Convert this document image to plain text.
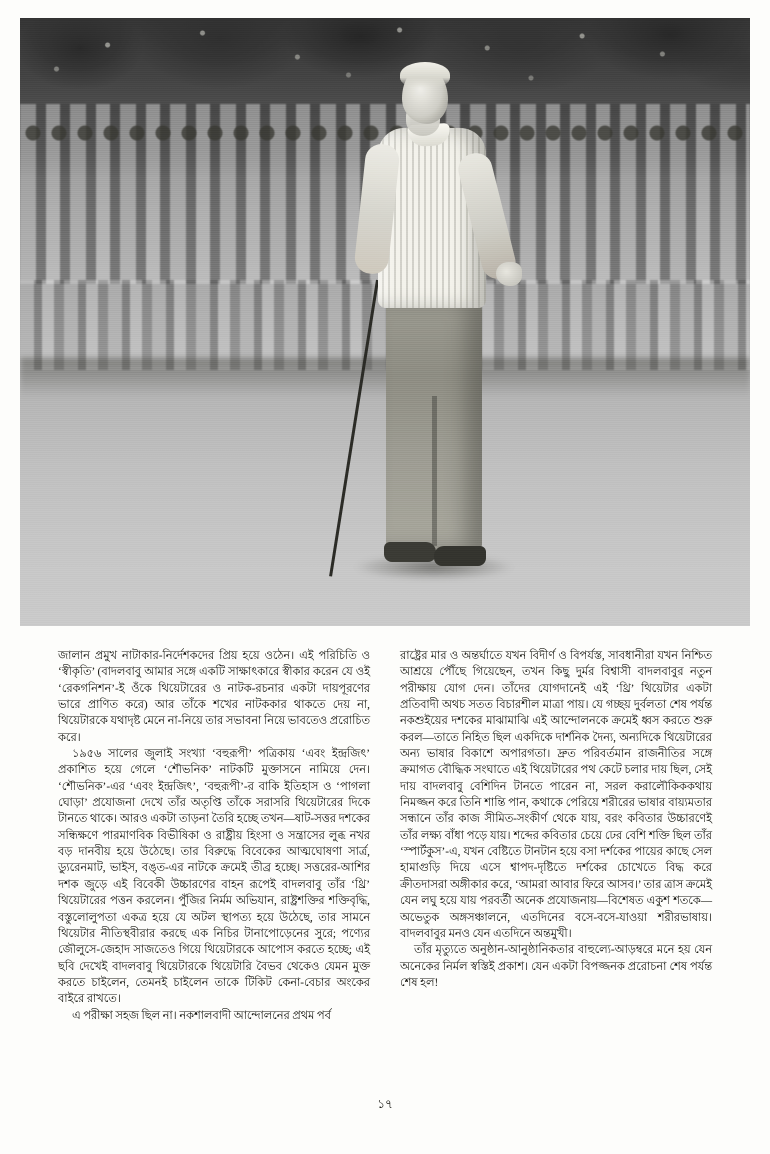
জালান প্রমুখ নাটাকার-নির্দেশকদের প্রিয় হয়ে ওঠেন। এই পরিচিতি ও ‘স্বীকৃতি’ (বাদলবাবু আমার সঙ্গে একটি সাক্ষাৎকারে স্বীকার করেন যে ওই ‘রেকগনিশন’-ই ওঁকে থিয়েটারের ও নাটক-রচনার একটা দায়পূরণের ভারে প্রাণিত করে) আর তাঁকে শখের নাটককার থাকতে দেয় না, থিয়েটারকে যথাদৃষ্ট মেনে না-নিয়ে তার সভাবনা নিয়ে ভাবতেও প্ররোচিত করে।

১৯৫৬ সালের জুলাই সংখ্যা ‘বহুরূপী’ পত্রিকায় ‘এবং ইন্দ্রজিৎ’ প্রকাশিত হয়ে গেলে ‘শৌভনিক’ নাটকটি মুক্তাসনে নামিয়ে দেন। ‘শৌভনিক’-এর ‘এবং ইন্দ্রজিৎ’, ‘বহুরূপী’-র বাকি ইতিহাস ও ‘পাগলা ঘোড়া’ প্রযোজনা দেখে তাঁর অতৃপ্তি তাঁকে সরাসরি থিয়েটারের দিকে টানতে থাকে। আরও একটা তাড়না তৈরি হচ্ছে তখন—ষাট-সত্তর দশকের সন্ধিক্ষণে পারমাণবিক বিভীষিকা ও রাষ্ট্রীয় হিংসা ও সন্ত্রাসের লুব্ধ নখর বড় দানবীয় হয়ে উঠেছে। তার বিরুদ্ধে বিবেকের আত্মঘোষণা সার্ত্র, ড্যুরেনমাট, ভাইস, বঙ্ত-এর নাটকে ক্রমেই তীব্র হচ্ছে। সত্তরের-আশির দশক জুড়ে এই বিবেকী উচ্চারণের বাহন রূপেই বাদলবাবু তাঁর ‘থ্রি’ থিয়েটারের পত্তন করলেন। পুঁজির নির্মম অভিযান, রাষ্ট্রশক্তির শক্তিবৃদ্ধি, বস্তুলোলুপতা একত্র হয়ে যে অটল স্থাপত্য হয়ে উঠেছে, তার সামনে থিয়েটার নীতিস্থবীরার করছে এক নিচির টানাপোড়েনের সুরে; পণ্যের জৌলুসে-জেহাদ সাজতেও গিয়ে থিয়েটারকে আপোস করতে হচ্ছে; এই ছবি দেখেই বাদলবাবু থিয়েটারকে থিয়েটারি বৈভব থেকেও যেমন মুক্ত করতে চাইলেন, তেমনই চাইলেন তাকে টিকিট কেনা-বেচার অংকের বাইরে রাখতে।

এ পরীক্ষা সহজ ছিল না। নকশালবাদী আন্দোলনের প্রথম পর্ব

রাষ্ট্রের মার ও অন্তর্ঘাতে যখন বিদীর্ণ ও বিপর্যস্ত, সাবধানীরা যখন নিশ্চিত আশ্রয়ে পৌঁছে গিয়েছেন, তখন কিছু দুর্মর বিশ্বাসী বাদলবাবুর নতুন পরীক্ষায় যোগ দেন। তাঁদের যোগদানেই এই ‘থ্রি’ থিয়েটার একটা প্রতিবাদী অথচ সতত বিচারশীল মাত্রা পায়। যে গচ্ছয় দুর্বলতা শেষ পর্যন্ত নকশুইয়ের দশকের মাঝামাঝি এই আন্দোলনকে ক্রমেই ধ্বস করতে শুরু করল—তাতে নিহিত ছিল একদিকে দার্শনিক দৈন্য, অন্যদিকে থিয়েটারের অন্য ভাষার বিকাশে অপারগতা। দ্রুত পরিবর্তমান রাজনীতির সঙ্গে ক্রমাগত বৌদ্ধিক সংঘাতে এই থিয়েটারের পথ কেটে চলার দায় ছিল, সেই দায় বাদলবাবু বেশিদিন টানতে পারেন না, সরল করালৌকিককথায় নিমজ্জন করে তিনি শান্তি পান, কথাকে পেরিয়ে শরীরের ভাষার বায়্যমতার সন্ধানে তাঁর কাজ সীমিত-সংকীর্ণ থেকে যায়, বরং কবিতার উচ্চারণেই তাঁর লক্ষ্য বাঁধা পড়ে যায়। শব্দের কবিতার চেয়ে ঢের বেশি শক্তি ছিল তাঁর ‘স্পার্টকুস’-এ, যখন বেষ্টিতে টানটান হয়ে বসা দর্শকের পায়ের কাছে সেল হামাগুড়ি দিয়ে এসে শ্বাপদ-দৃষ্টিতে দর্শকের চোখেতে বিদ্ধ করে ক্রীতদাসরা অঙ্গীকার করে, ‘আমরা আবার ফিরে আসব।’ তার ত্রাস ক্রমেই যেন লঘু হয়ে যায় পরবর্তী অনেক প্রযোজনায়—বিশেষত একুশ শতকে—অভেতুক অঙ্গসঞ্চালনে, এতদিনের বসে-বসে-যাওয়া শরীরভাষায়। বাদলবাবুর মনও যেন এতদিনে অন্তমুখী।

তাঁর মৃত্যুতে অনুষ্ঠান-আনুষ্ঠানিকতার বাহুল্যে-আড়ম্বরে মনে হয় যেন অনেকের নির্মল স্বস্তিই প্রকাশ। যেন একটা বিপজ্জনক প্ররোচনা শেষ পর্যন্ত শেষ হল!

১৭
